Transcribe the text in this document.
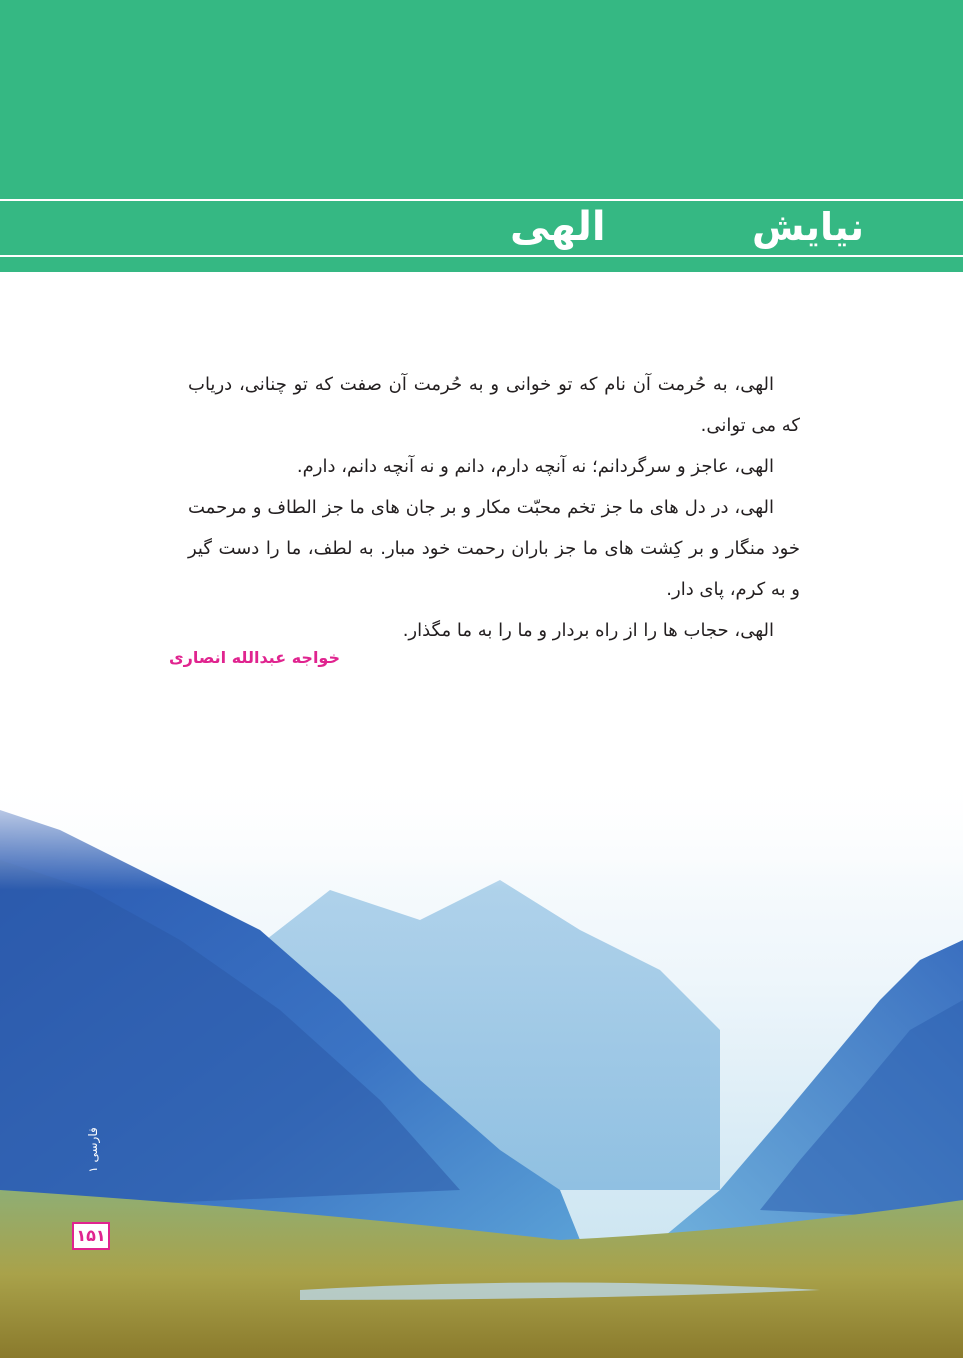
نیایش
الهی

الهی، به حُرمت آن نام که تو خوانی و به حُرمت آن صفت که تو چنانی، دریاب که می توانی.

الهی، عاجز و سرگردانم؛ نه آنچه دارم، دانم و نه آنچه دانم، دارم.

الهی، در دل های ما جز تخم محبّت مکار و بر جان های ما جز الطاف و مرحمت خود منگار و بر کِشت های ما جز باران رحمت خود مبار. به لطف، ما را دست گیر و به کرم، پای دار.

الهی، حجاب ها را از راه بردار و ما را به ما مگذار.

خواجه عبدالله انصاری
فارسی ۱
۱۵۱
